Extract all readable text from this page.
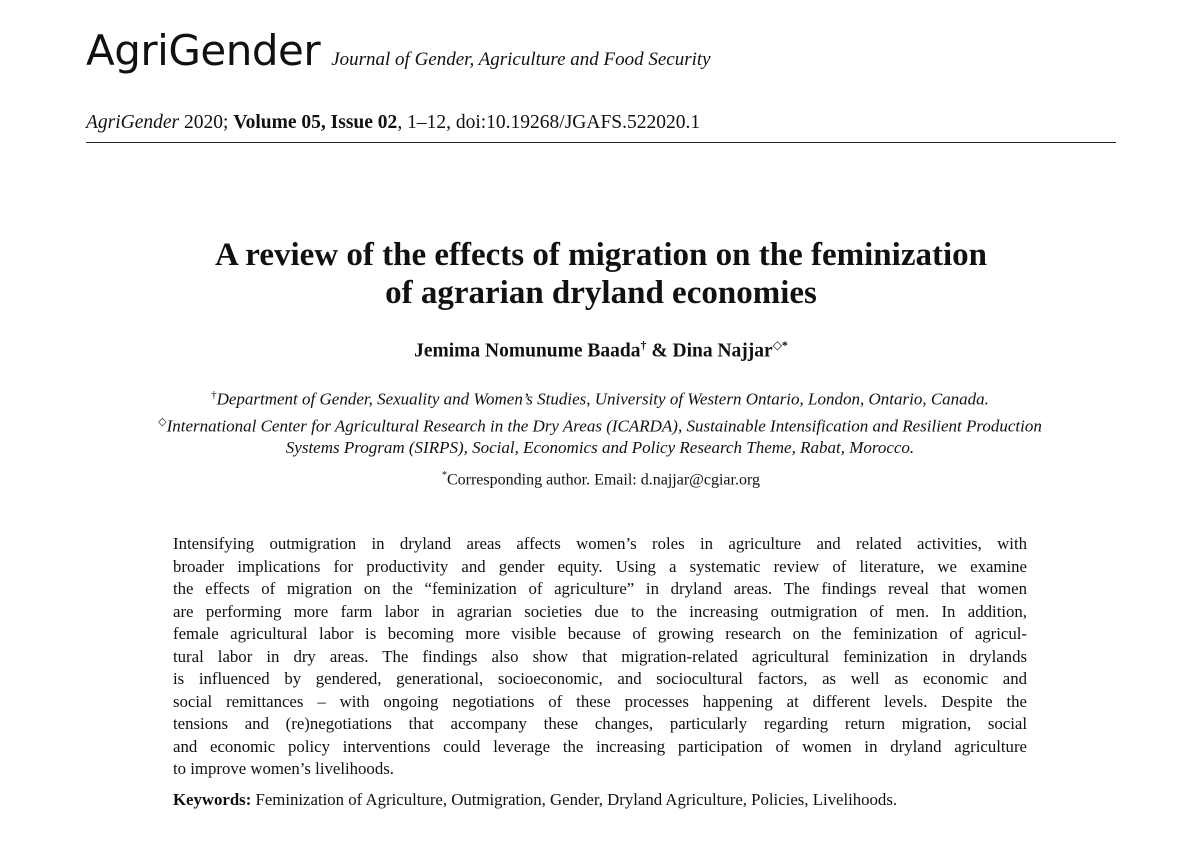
AgriGender Journal of Gender, Agriculture and Food Security
AgriGender 2020; Volume 05, Issue 02, 1–12, doi:10.19268/JGAFS.522020.1
A review of the effects of migration on the feminization
of agrarian dryland economies
Jemima Nomunume Baada† & Dina Najjar◇*
†Department of Gender, Sexuality and Women’s Studies, University of Western Ontario, London, Ontario, Canada.
◇International Center for Agricultural Research in the Dry Areas (ICARDA), Sustainable Intensification and Resilient Production
Systems Program (SIRPS), Social, Economics and Policy Research Theme, Rabat, Morocco.
*Corresponding author. Email: d.najjar@cgiar.org
Intensifying outmigration in dryland areas affects women’s roles in agriculture and related activities, with
broader implications for productivity and gender equity. Using a systematic review of literature, we examine
the effects of migration on the “feminization of agriculture” in dryland areas. The findings reveal that women
are performing more farm labor in agrarian societies due to the increasing outmigration of men. In addition,
female agricultural labor is becoming more visible because of growing research on the feminization of agricul-
tural labor in dry areas. The findings also show that migration-related agricultural feminization in drylands
is influenced by gendered, generational, socioeconomic, and sociocultural factors, as well as economic and
social remittances – with ongoing negotiations of these processes happening at different levels. Despite the
tensions and (re)negotiations that accompany these changes, particularly regarding return migration, social
and economic policy interventions could leverage the increasing participation of women in dryland agriculture
to improve women’s livelihoods.
Keywords: Feminization of Agriculture, Outmigration, Gender, Dryland Agriculture, Policies, Livelihoods.
